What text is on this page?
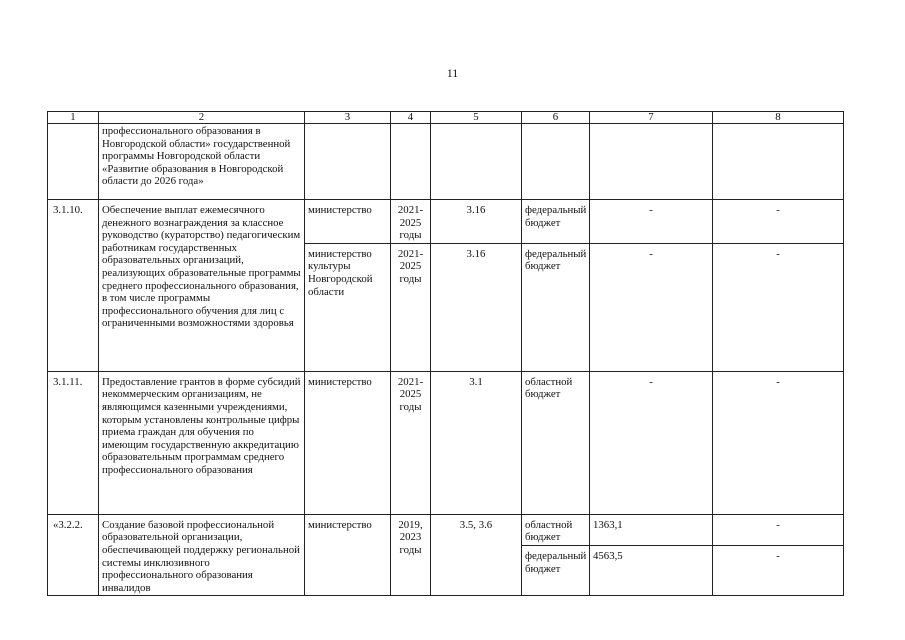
11
1	2	3	4	5	6	7	8
	профессионального образования в Новгородской области» государственной программы Новгородской области «Развитие образования в Новгородской области до 2026 года»						
3.1.10.	Обеспечение выплат ежемесячного денежного вознаграждения за классное руководство (кураторство) педагогическим работникам государственных образовательных организаций, реализующих образовательные программы среднего профессионального образования, в том числе программы профессионального обучения для лиц с ограниченными возможностями здоровья	министерство	2021-2025 годы	3.16	федеральный бюджет	-	-
		министерство культуры Новгородской области	2021-2025 годы	3.16	федеральный бюджет	-	-
3.1.11.	Предоставление грантов в форме субсидий некоммерческим организациям, не являющимся казенными учреждениями, которым установлены контрольные цифры приема граждан для обучения по имеющим государственную аккредитацию образовательным программам среднего профессионального образования	министерство	2021-2025 годы	3.1	областной бюджет	-	-
«3.2.2.	Создание базовой профессиональной образовательной организации, обеспечивающей поддержку региональной системы инклюзивного профессионального образования инвалидов	министерство	2019, 2023 годы	3.5, 3.6	областной бюджет	1363,1	-
					федеральный бюджет	4563,5	-
